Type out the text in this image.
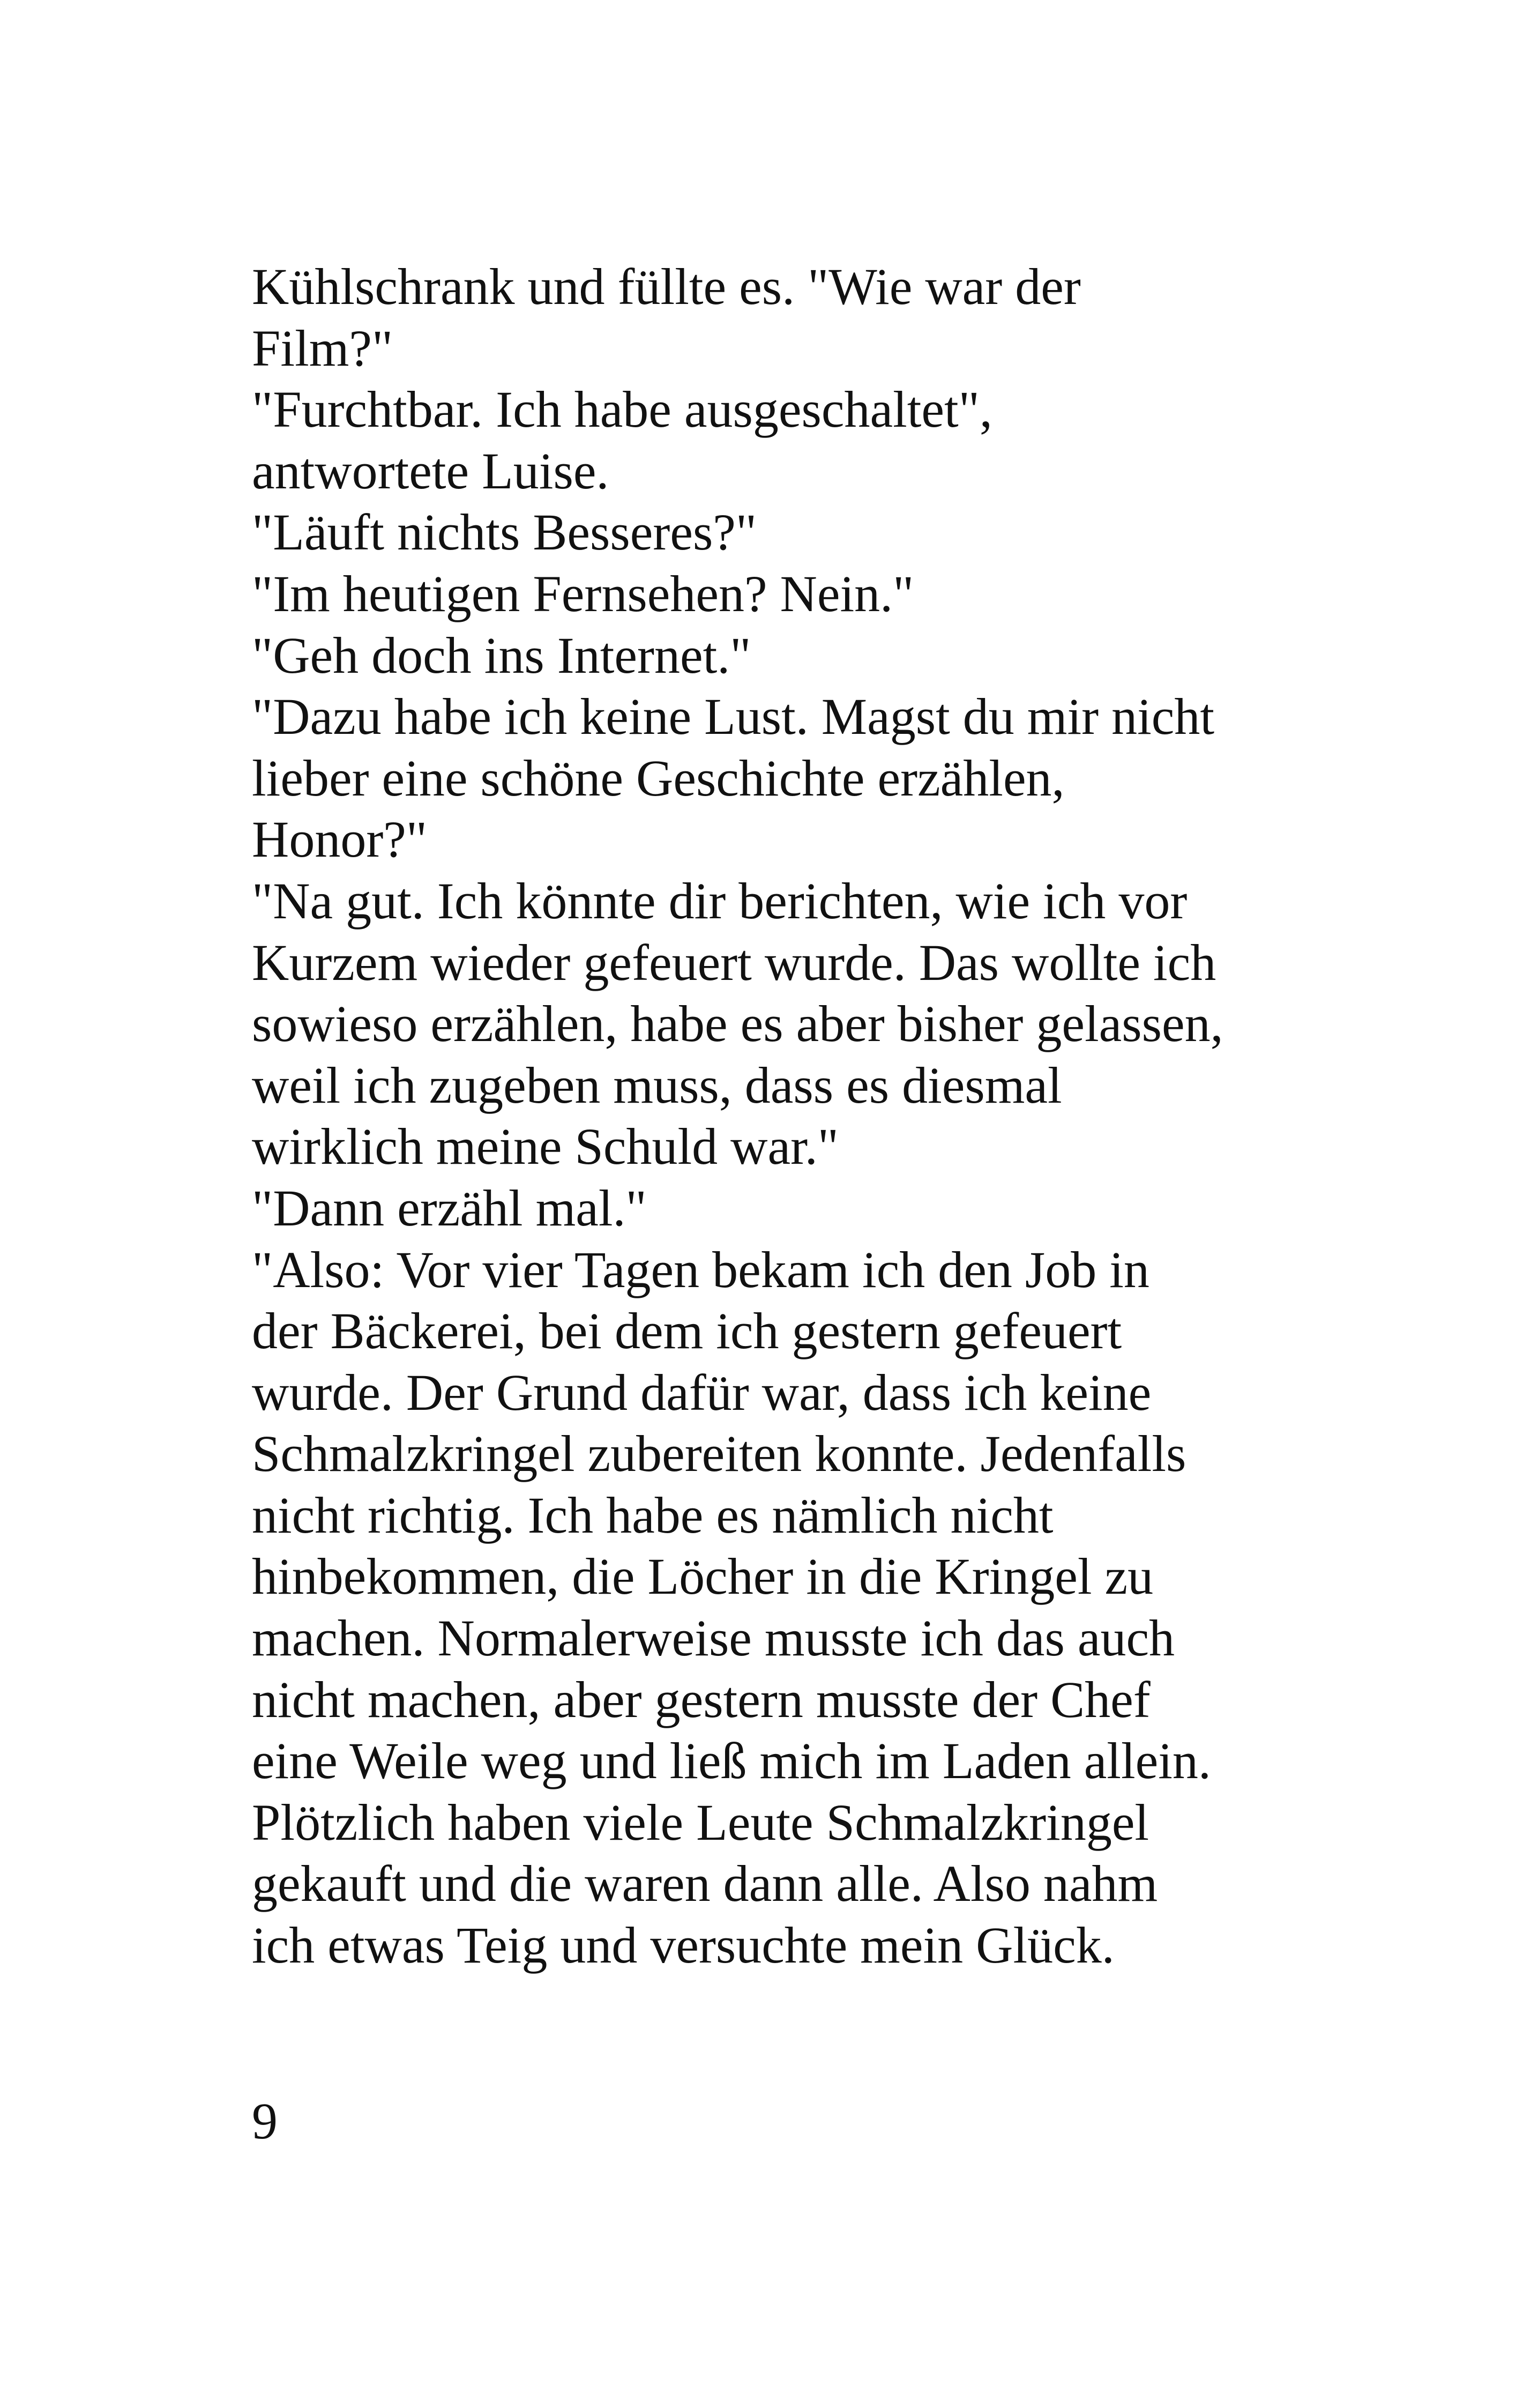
Kühlschrank und füllte es. "Wie war der
Film?"
"Furchtbar. Ich habe ausgeschaltet",
antwortete Luise.
"Läuft nichts Besseres?"
"Im heutigen Fernsehen? Nein."
"Geh doch ins Internet."
"Dazu habe ich keine Lust. Magst du mir nicht
lieber eine schöne Geschichte erzählen,
Honor?"
"Na gut. Ich könnte dir berichten, wie ich vor
Kurzem wieder gefeuert wurde. Das wollte ich
sowieso erzählen, habe es aber bisher gelassen,
weil ich zugeben muss, dass es diesmal
wirklich meine Schuld war."
"Dann erzähl mal."
"Also: Vor vier Tagen bekam ich den Job in
der Bäckerei, bei dem ich gestern gefeuert
wurde. Der Grund dafür war, dass ich keine
Schmalzkringel zubereiten konnte. Jedenfalls
nicht richtig. Ich habe es nämlich nicht
hinbekommen, die Löcher in die Kringel zu
machen. Normalerweise musste ich das auch
nicht machen, aber gestern musste der Chef
eine Weile weg und ließ mich im Laden allein.
Plötzlich haben viele Leute Schmalzkringel
gekauft und die waren dann alle. Also nahm
ich etwas Teig und versuchte mein Glück.
9
